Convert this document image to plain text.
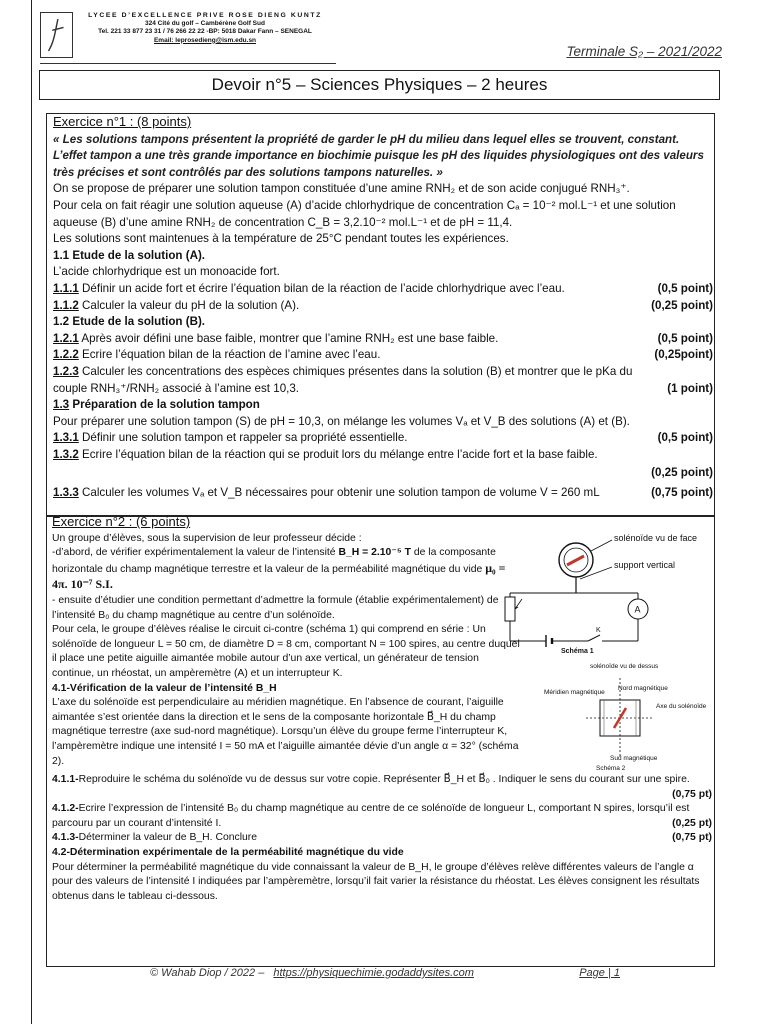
LYCEE D’EXCELLENCE PRIVE ROSE DIENG KUNTZ
324 Cité du golf – Cambérène Golf Sud
Tel. 221 33 877 23 31 / 76 266 22 22 -BP: 5018 Dakar Fann – SENEGAL
Email: leprosedieng@ism.edu.sn
Terminale S₂ – 2021/2022
Devoir n°5 – Sciences Physiques – 2 heures

Exercice n°1 : (8 points)

« Les solutions tampons présentent la propriété de garder le pH du milieu dans lequel elles se trouvent, constant. L’effet tampon a une très grande importance en biochimie puisque les pH des liquides physiologiques ont des valeurs très précises et sont contrôlés par des solutions tampons naturelles. »

On se propose de préparer une solution tampon constituée d’une amine RNH₂ et de son acide conjugué RNH₃⁺.

Pour cela on fait réagir une solution aqueuse (A) d’acide chlorhydrique de concentration Cₐ = 10⁻² mol.L⁻¹ et une solution aqueuse (B) d’une amine RNH₂ de concentration C_B = 3,2.10⁻² mol.L⁻¹ et de pH = 11,4.

Les solutions sont maintenues à la température de 25°C pendant toutes les expériences.

1.1 Etude de la solution (A).

L’acide chlorhydrique est un monoacide fort.

1.1.1 Définir un acide fort et écrire l’équation bilan de la réaction de l’acide chlorhydrique avec l’eau.	(0,5 point)
1.1.2 Calculer la valeur du pH de la solution (A).	(0,25 point)

1.2 Etude de la solution (B).

1.2.1 Après avoir défini une base faible, montrer que l’amine RNH₂ est une base faible.	(0,5 point)
1.2.2 Ecrire l’équation bilan de la réaction de l’amine avec l’eau.	(0,25point)

1.2.3 Calculer les concentrations des espèces chimiques présentes dans la solution (B) et montrer que le pKa du

couple RNH₃⁺/RNH₂ associé à l’amine est 10,3.	(1 point)

1.3 Préparation de la solution tampon

Pour préparer une solution tampon (S) de pH = 10,3, on mélange les volumes Vₐ et V_B des solutions (A) et (B).

1.3.1 Définir une solution tampon et rappeler sa propriété essentielle.	(0,5 point)

1.3.2 Ecrire l’équation bilan de la réaction qui se produit lors du mélange entre l’acide fort et la base faible.

(0,25 point)

1.3.3 Calculer les volumes Vₐ et V_B nécessaires pour obtenir une solution tampon de volume V = 260 mL	(0,75 point)

Exercice n°2 : (6 points)

Un groupe d’élèves, sous la supervision de leur professeur décide :

-d’abord, de vérifier expérimentalement la valeur de l’intensité B_H = 2.10⁻⁵ T de la composante horizontale du champ magnétique terrestre et la valeur de la perméabilité magnétique du vide μ₀ = 4π. 10⁻⁷ S.I.

- ensuite d’étudier une condition permettant d’admettre la formule (établie expérimentalement) de l’intensité B₀ du champ magnétique au centre d’un solénoïde.

Pour cela, le groupe d’élèves réalise le circuit ci-contre (schéma 1) qui comprend en série : Un solénoïde de longueur L = 50 cm, de diamètre D = 8 cm, comportant N = 100 spires, au centre duquel il place une petite aiguille aimantée mobile autour d’un axe vertical, un générateur de tension continue, un rhéostat, un ampèremètre (A) et un interrupteur K.

4.1-Vérification de la valeur de l’intensité B_H

L’axe du solénoïde est perpendiculaire au méridien magnétique. En l’absence de courant, l’aiguille aimantée s’est orientée dans la direction et le sens de la composante horizontale B⃗_H du champ magnétique terrestre (axe sud-nord magnétique). Lorsqu’un élève du groupe ferme l’interrupteur K, l’ampèremètre indique une intensité I = 50 mA et l’aiguille aimantée dévie d’un angle α = 32° (schéma 2).

4.1.1-Reproduire le schéma du solénoïde vu de dessus sur votre copie. Représenter B⃗_H et B⃗₀ . Indiquer le sens du courant sur une spire.

(0,75 pt)

4.1.2-Ecrire l’expression de l’intensité B₀ du champ magnétique au centre de ce solénoïde de longueur L, comportant N spires, lorsqu’il est parcouru par un courant d’intensité I.	(0,25 pt)

4.1.3-Déterminer la valeur de B_H. Conclure	(0,75 pt)

4.2-Détermination expérimentale de la perméabilité magnétique du vide

Pour déterminer la perméabilité magnétique du vide connaissant la valeur de B_H, le groupe d’élèves relève différentes valeurs de l’angle α pour des valeurs de l’intensité I indiquées par l’ampèremètre, lorsqu’il fait varier la résistance du rhéostat. Les élèves consignent les résultats obtenus dans le tableau ci-dessous.

K
A
Schéma 1
solénoïde vu de face
support vertical
solénoïde vu de dessus
Nord magnétique
Méridien magnétique
Axe du solénoïde
Sud magnétique
Schéma 2
© Wahab Diop / 2022 – https://physiquechimie.godaddysites.com	Page | 1
